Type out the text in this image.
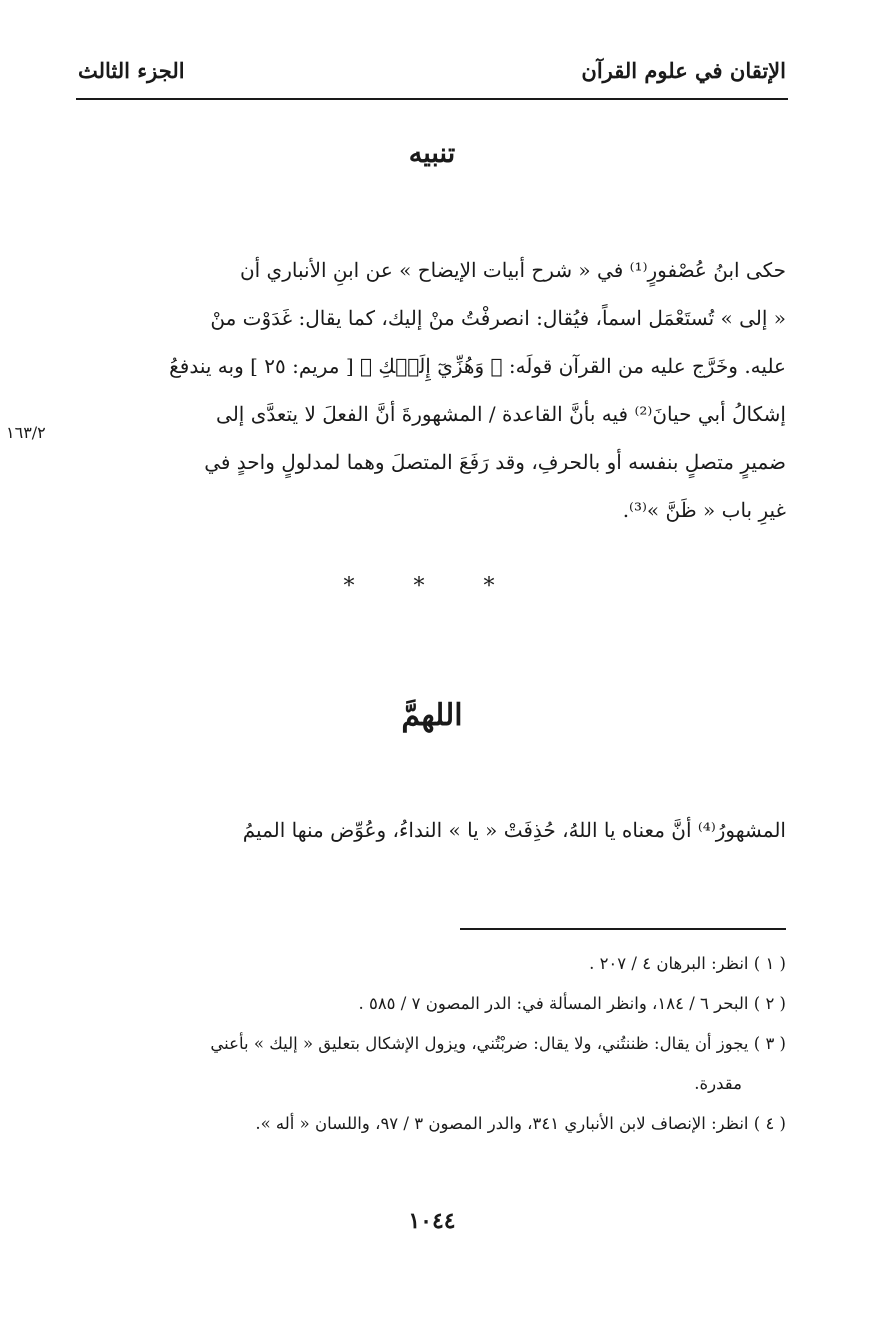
الإتقان في علوم القرآن
الجزء الثالث
تنبيه

حكى ابنُ عُصْفورٍ⁽¹⁾ في « شرح أبيات الإيضاح » عن ابنِ الأنباري أن

« إلى » تُستَعْمَل اسماً، فيُقال: انصرفْتُ منْ إليك، كما يقال: غَدَوْت منْ

عليه. وخَرَّج عليه من القرآن قولَه: ﴿ وَهُزِّيٓ إِلَيۡكِ ﴾ [ مريم: ٢٥ ] وبه يندفعُ

إشكالُ أبي حيانَ⁽²⁾ فيه بأنَّ القاعدة / المشهورةَ أنَّ الفعلَ لا يتعدَّى إلى

ضميرٍ متصلٍ بنفسه أو بالحرفِ، وقد رَفَعَ المتصلَ وهما لمدلولٍ واحدٍ في

غيرِ باب « ظَنَّ »⁽³⁾.

١٦٣/٢
* * *
اللهمَّ

المشهورُ⁽⁴⁾ أنَّ معناه يا اللهُ، حُذِفَتْ « يا » النداءُ، وعُوِّض منها الميمُ

( ١ ) انظر: البرهان ٤ / ٢٠٧ .

( ٢ ) البحر ٦ / ١٨٤، وانظر المسألة في: الدر المصون ٧ / ٥٨٥ .

( ٣ ) يجوز أن يقال: ظننتُني، ولا يقال: ضربْتُني، ويزول الإشكال بتعليق « إليك » بأعني

مقدرة.

( ٤ ) انظر: الإنصاف لابن الأنباري ٣٤١، والدر المصون ٣ / ٩٧، واللسان « أله ».

١٠٤٤
